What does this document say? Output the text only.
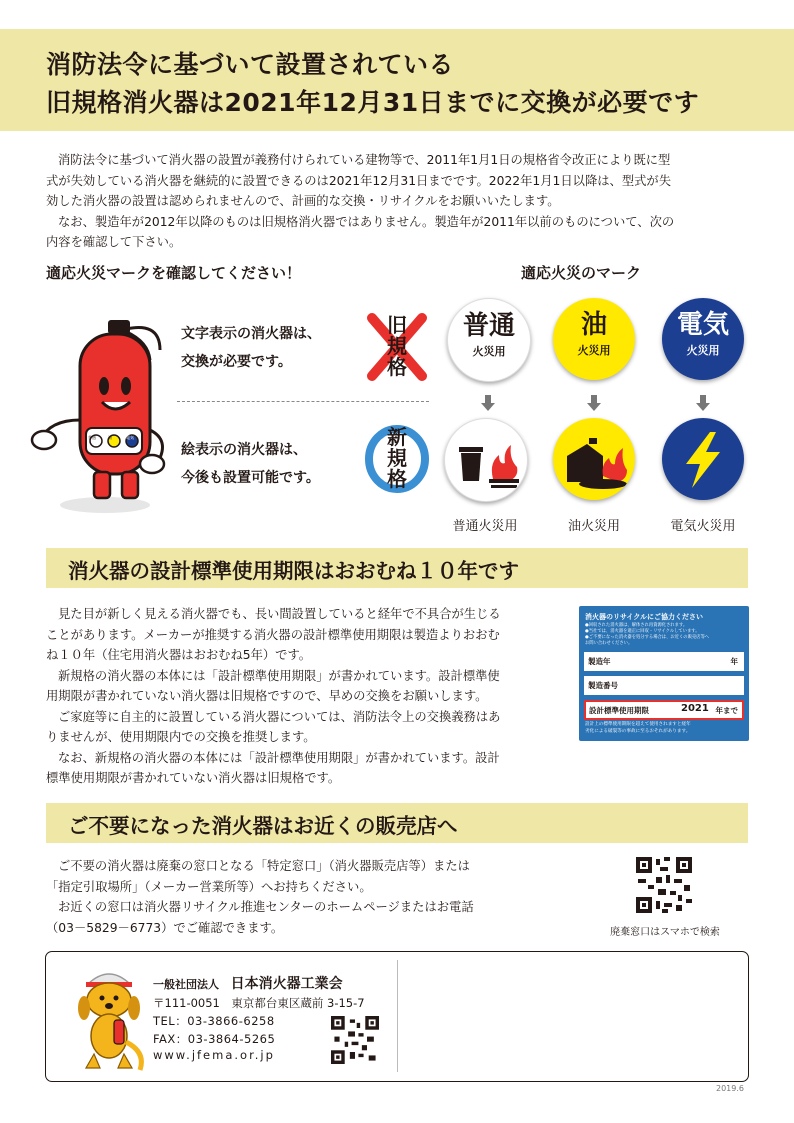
消防法令に基づいて設置されている
旧規格消火器は2021年12月31日までに交換が必要です

消防法令に基づいて消火器の設置が義務付けられている建物等で、2011年1月1日の規格省令改正により既に型

式が失効している消火器を継続的に設置できるのは2021年12月31日までです。2022年1月1日以降は、型式が失

効した消火器の設置は認められませんので、計画的な交換・リサイクルをお願いいたします。

なお、製造年が2012年以降のものは旧規格消火器ではありません。製造年が2011年以前のものについて、次の

内容を確認して下さい。

適応火災マークを確認してください！	適応火災のマーク
普通	油	電気
文字表示の消火器は、
交換が必要です。
旧
規
格
絵表示の消火器は、
今後も設置可能です。
新
規
格
普通
火災用
油
火災用
電気
火災用
普通火災用	油火災用	電気火災用
消火器の設計標準使用期限はおおむね１０年です

見た目が新しく見える消火器でも、長い間設置していると経年で不具合が生じる

ことがあります。メーカーが推奨する消火器の設計標準使用期限は製造よりおおむ

ね１０年（住宅用消火器はおおむね5年）です。

新規格の消火器の本体には「設計標準使用期限」が書かれています。設計標準使

用期限が書かれていない消火器は旧規格ですので、早めの交換をお願いします。

ご家庭等に自主的に設置している消火器については、消防法令上の交換義務はあ

りませんが、使用期限内での交換を推奨します。

なお、新規格の消火器の本体には「設計標準使用期限」が書かれています。設計

標準使用期限が書かれていない消火器は旧規格です。

消火器のリサイクルにご協力ください
●回収された消火器は、解体され再資源化されます。
●当社では、消火器を適正に回収・リサイクルしています。
●ご不要になった消火器を処分する場合は、お近くの販売店等へ
お問い合わせください。
製造年	年
製造番号
設計標準使用期限	2021 年まで
設計上の標準使用期限を超えて使用されますと経年
劣化による破裂等の事故に至るおそれがあります。
ご不要になった消火器はお近くの販売店へ

ご不要の消火器は廃棄の窓口となる「特定窓口」（消火器販売店等）または

「指定引取場所」（メーカー営業所等）へお持ちください。

お近くの窓口は消火器リサイクル推進センターのホームページまたはお電話

（03－5829－6773）でご確認できます。	廃棄窓口はスマホで検索
一般社団法人 日本消火器工業会
〒111-0051　東京都台東区蔵前 3-15-7
TEL：03-3866-6258
FAX：03-3864-5265
www.jfema.or.jp
2019.6
